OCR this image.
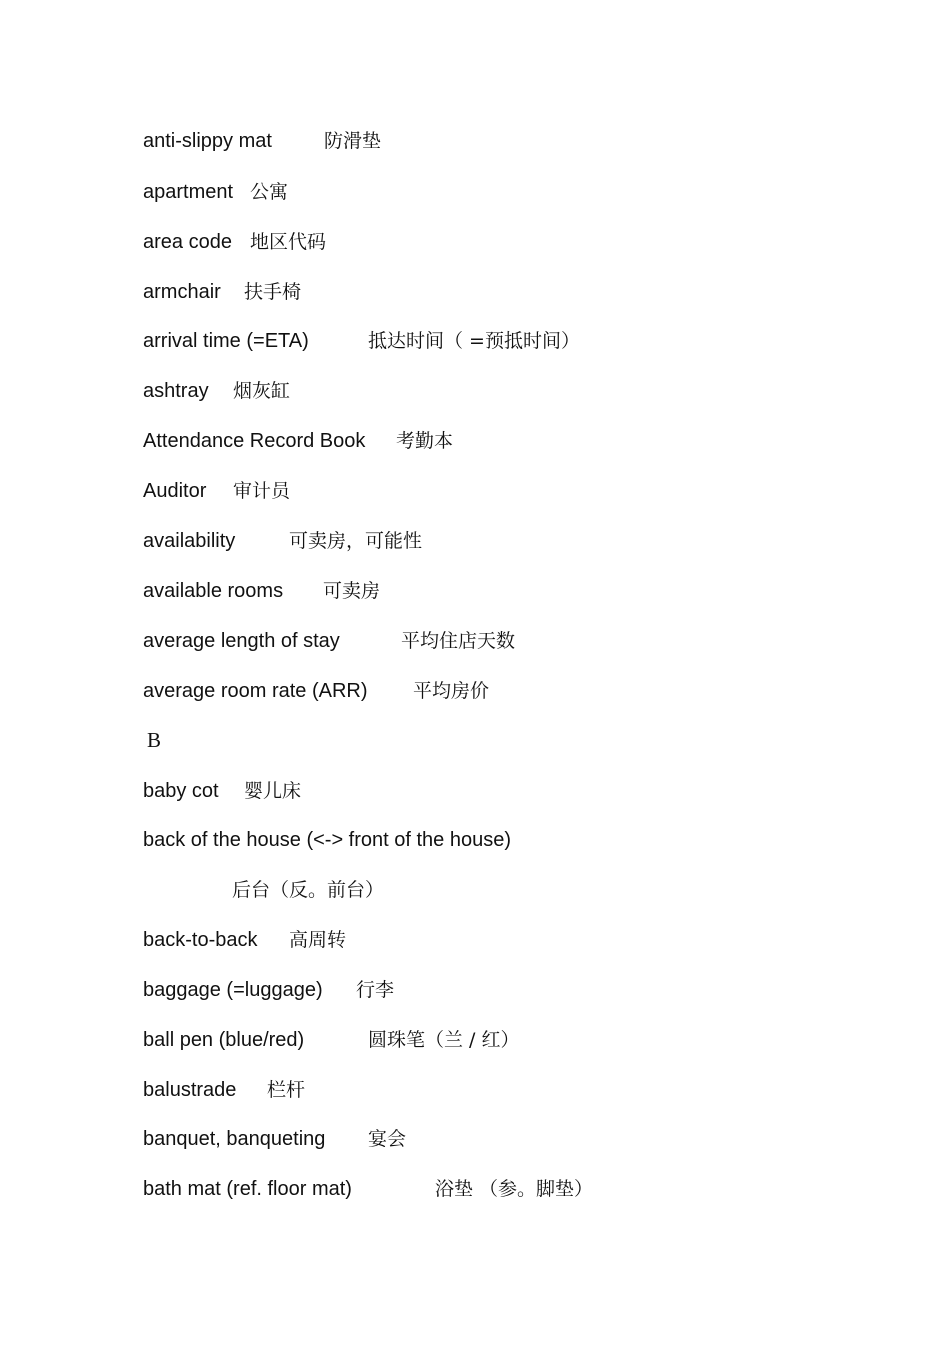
anti-slippy mat	防滑垫
apartment 公寓
area code 地区代码
armchair 扶手椅
arrival time (=ETA)	抵达时间（ =预抵时间）
ashtray 烟灰缸
Attendance Record Book 考勤本
Auditor 审计员
availability	可卖房，可能性
available rooms 可卖房
average length of stay	平均住店天数
average room rate (ARR) 平均房价
B
baby cot 婴儿床
back of the house (<-> front of the house)
后台（反。前台）
back-to-back 高周转
baggage (=luggage) 行李
ball pen (blue/red)	圆珠笔（兰 / 红）
balustrade 栏杆
banquet, banqueting 宴会
bath mat (ref. floor mat)	浴垫 （参。脚垫）
